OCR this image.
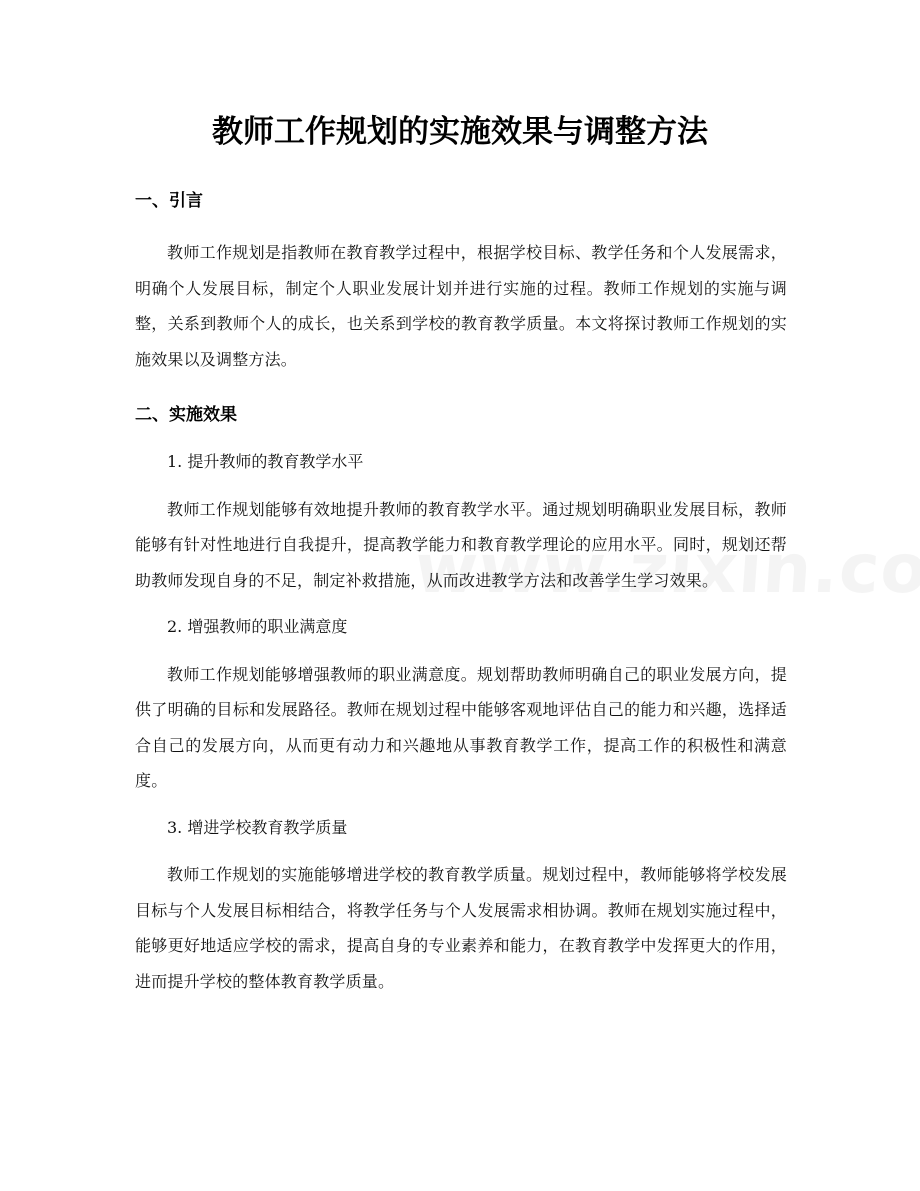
教师工作规划的实施效果与调整方法
一、引言

教师工作规划是指教师在教育教学过程中，根据学校目标、教学任务和个人发展需求，明确个人发展目标，制定个人职业发展计划并进行实施的过程。教师工作规划的实施与调整，关系到教师个人的成长，也关系到学校的教育教学质量。本文将探讨教师工作规划的实施效果以及调整方法。

二、实施效果

1. 提升教师的教育教学水平

教师工作规划能够有效地提升教师的教育教学水平。通过规划明确职业发展目标，教师能够有针对性地进行自我提升，提高教学能力和教育教学理论的应用水平。同时，规划还帮助教师发现自身的不足，制定补救措施，从而改进教学方法和改善学生学习效果。

2. 增强教师的职业满意度

教师工作规划能够增强教师的职业满意度。规划帮助教师明确自己的职业发展方向，提供了明确的目标和发展路径。教师在规划过程中能够客观地评估自己的能力和兴趣，选择适合自己的发展方向，从而更有动力和兴趣地从事教育教学工作，提高工作的积极性和满意度。

3. 增进学校教育教学质量

教师工作规划的实施能够增进学校的教育教学质量。规划过程中，教师能够将学校发展目标与个人发展目标相结合，将教学任务与个人发展需求相协调。教师在规划实施过程中，能够更好地适应学校的需求，提高自身的专业素养和能力，在教育教学中发挥更大的作用，进而提升学校的整体教育教学质量。
